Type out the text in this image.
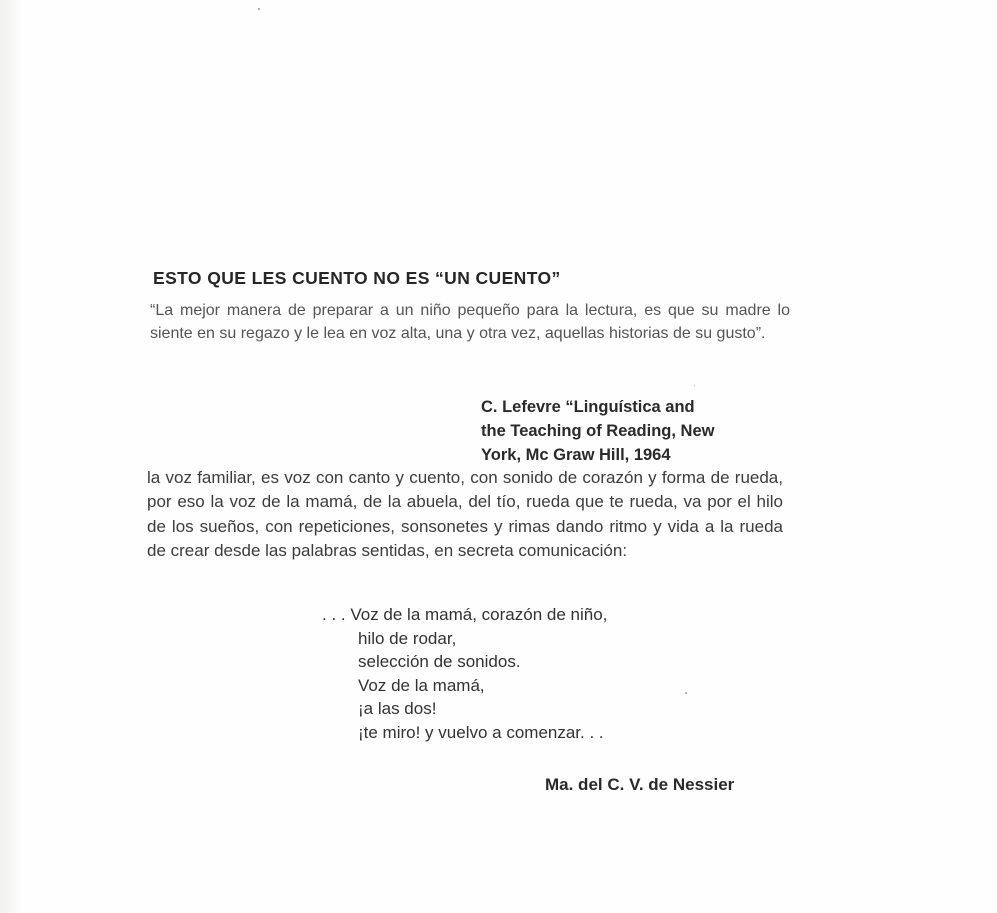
ESTO QUE LES CUENTO NO ES “UN CUENTO”
“La mejor manera de preparar a un niño pequeño para la lectura, es que su madre lo siente en su regazo y le lea en voz alta, una y otra vez, aquellas historias de su gusto”.
C. Lefevre “Linguística and
the Teaching of Reading, New
York, Mc Graw Hill, 1964
la voz familiar, es voz con canto y cuento, con sonido de corazón y forma de rueda, por eso la voz de la mamá, de la abuela, del tío, rueda que te rueda, va por el hilo de los sueños, con repeticiones, sonsonetes y rimas dando ritmo y vida a la rueda de crear desde las palabras sentidas, en secreta comunicación:
. . . Voz de la mamá, corazón de niño,
hilo de rodar,
selección de sonidos.
Voz de la mamá,
¡a las dos!
¡te miro! y vuelvo a comenzar. . .
Ma. del C. V. de Nessier
